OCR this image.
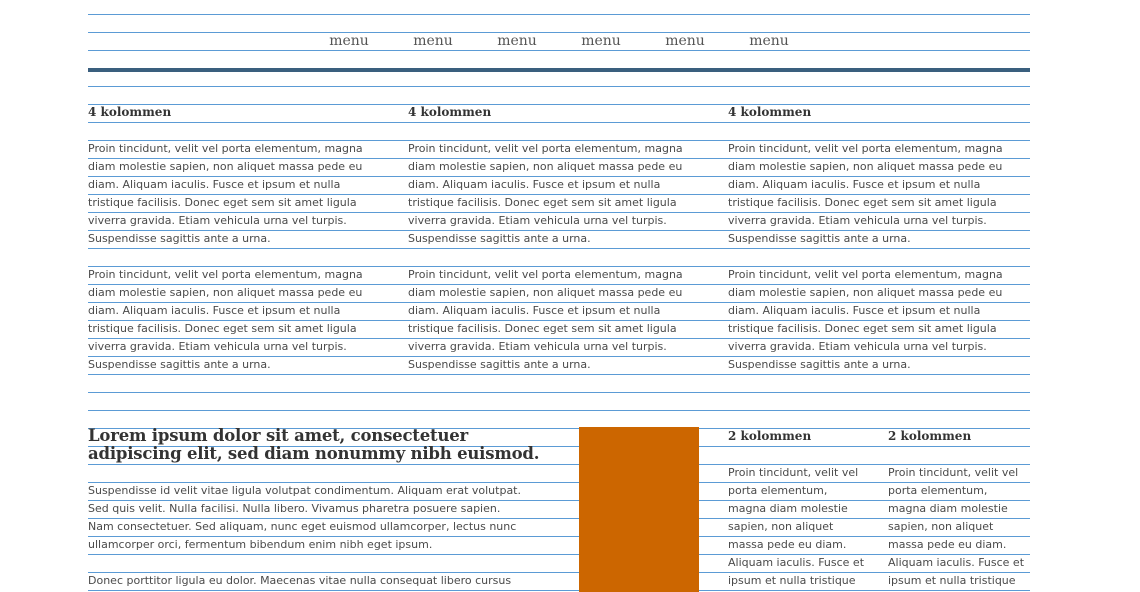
menu	menu	menu	menu	menu	menu
4 kolommen	4 kolommen	4 kolommen
Proin tincidunt, velit vel porta elementum, magna
diam molestie sapien, non aliquet massa pede eu
diam. Aliquam iaculis. Fusce et ipsum et nulla
tristique facilisis. Donec eget sem sit amet ligula
viverra gravida. Etiam vehicula urna vel turpis.
Suspendisse sagittis ante a urna.
Proin tincidunt, velit vel porta elementum, magna
diam molestie sapien, non aliquet massa pede eu
diam. Aliquam iaculis. Fusce et ipsum et nulla
tristique facilisis. Donec eget sem sit amet ligula
viverra gravida. Etiam vehicula urna vel turpis.
Suspendisse sagittis ante a urna.
Proin tincidunt, velit vel porta elementum, magna
diam molestie sapien, non aliquet massa pede eu
diam. Aliquam iaculis. Fusce et ipsum et nulla
tristique facilisis. Donec eget sem sit amet ligula
viverra gravida. Etiam vehicula urna vel turpis.
Suspendisse sagittis ante a urna.
Proin tincidunt, velit vel porta elementum, magna
diam molestie sapien, non aliquet massa pede eu
diam. Aliquam iaculis. Fusce et ipsum et nulla
tristique facilisis. Donec eget sem sit amet ligula
viverra gravida. Etiam vehicula urna vel turpis.
Suspendisse sagittis ante a urna.
Proin tincidunt, velit vel porta elementum, magna
diam molestie sapien, non aliquet massa pede eu
diam. Aliquam iaculis. Fusce et ipsum et nulla
tristique facilisis. Donec eget sem sit amet ligula
viverra gravida. Etiam vehicula urna vel turpis.
Suspendisse sagittis ante a urna.
Proin tincidunt, velit vel porta elementum, magna
diam molestie sapien, non aliquet massa pede eu
diam. Aliquam iaculis. Fusce et ipsum et nulla
tristique facilisis. Donec eget sem sit amet ligula
viverra gravida. Etiam vehicula urna vel turpis.
Suspendisse sagittis ante a urna.
Lorem ipsum dolor sit amet, consectetuer
adipiscing elit, sed diam nonummy nibh euismod.
Suspendisse id velit vitae ligula volutpat condimentum. Aliquam erat volutpat.
Sed quis velit. Nulla facilisi. Nulla libero. Vivamus pharetra posuere sapien.
Nam consectetuer. Sed aliquam, nunc eget euismod ullamcorper, lectus nunc
ullamcorper orci, fermentum bibendum enim nibh eget ipsum.
Donec porttitor ligula eu dolor. Maecenas vitae nulla consequat libero cursus
2 kolommen	2 kolommen
Proin tincidunt, velit vel
porta elementum,
magna diam molestie
sapien, non aliquet
massa pede eu diam.
Aliquam iaculis. Fusce et
ipsum et nulla tristique
Proin tincidunt, velit vel
porta elementum,
magna diam molestie
sapien, non aliquet
massa pede eu diam.
Aliquam iaculis. Fusce et
ipsum et nulla tristique
